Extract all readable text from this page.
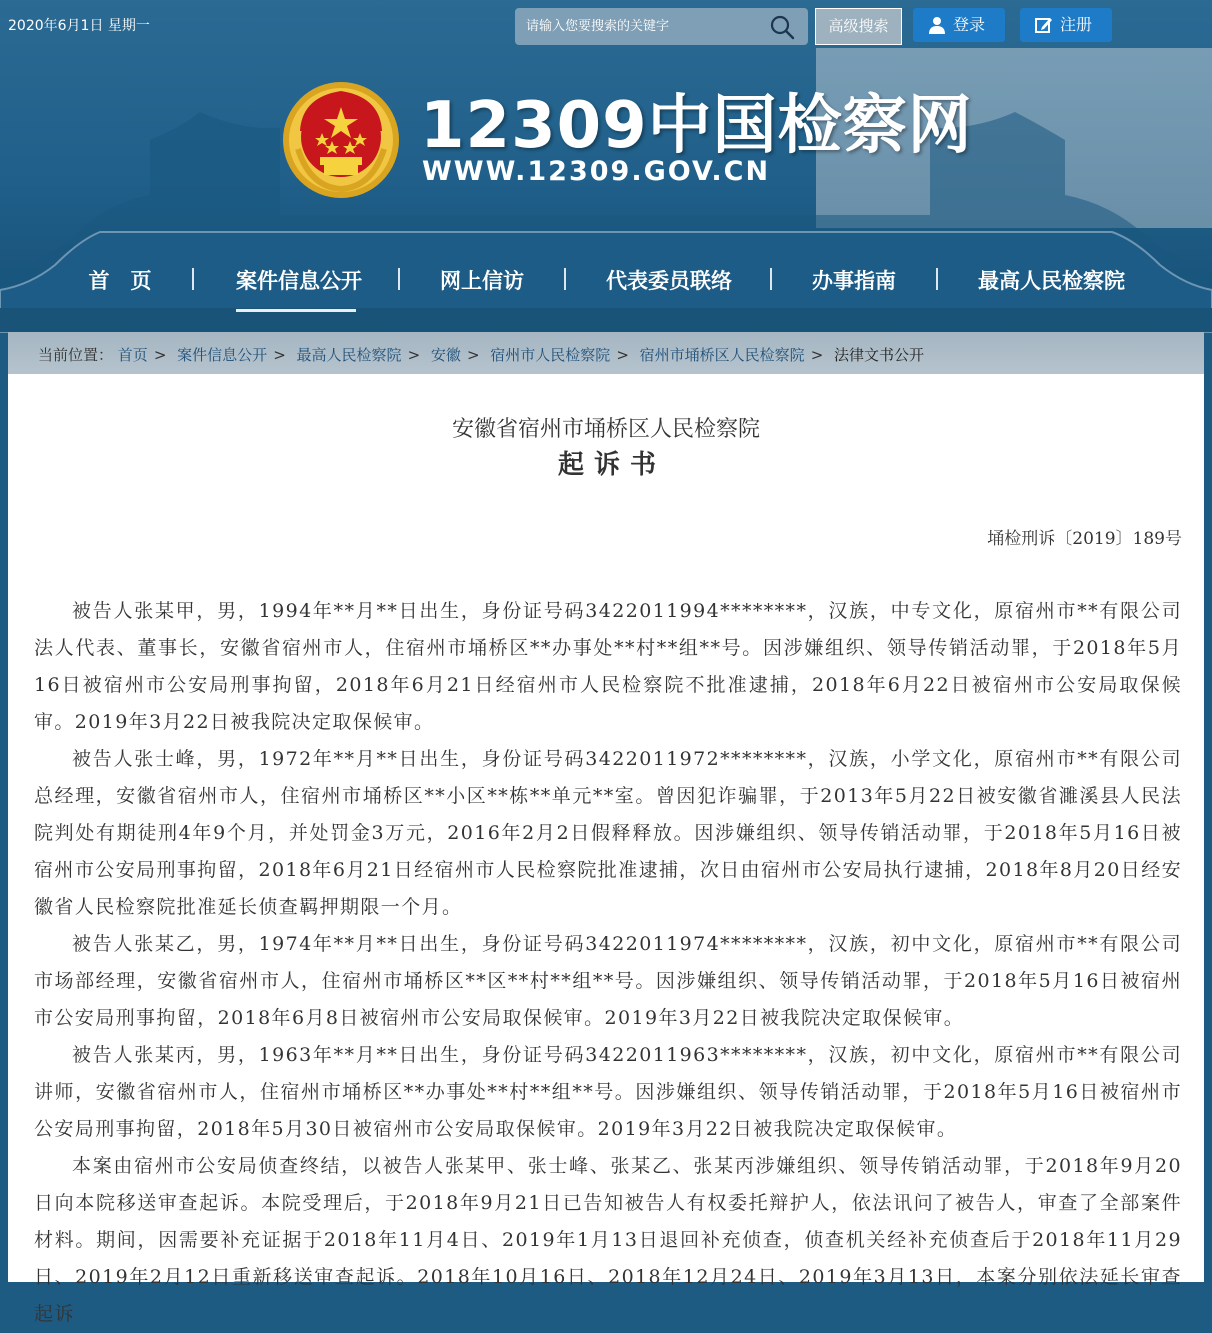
2020年6月1日 星期一
请输入您要搜索的关键字	高级搜索	登录	注册
12309中国检察网
WWW.12309.GOV.CN
首　页	案件信息公开	网上信访	代表委员联络	办事指南	最高人民检察院
当前位置： 首页 > 案件信息公开 > 最高人民检察院 > 安徽 > 宿州市人民检察院 > 宿州市埇桥区人民检察院 > 法律文书公开
安徽省宿州市埇桥区人民检察院
起诉书
埇检刑诉〔2019〕189号

被告人张某甲，男，1994年**月**日出生，身份证号码3422011994********，汉族，中专文化，原宿州市**有限公司法人代表、董事长，安徽省宿州市人，住宿州市埇桥区**办事处**村**组**号。因涉嫌组织、领导传销活动罪，于2018年5月16日被宿州市公安局刑事拘留，2018年6月21日经宿州市人民检察院不批准逮捕，2018年6月22日被宿州市公安局取保候审。2019年3月22日被我院决定取保候审。

被告人张士峰，男，1972年**月**日出生，身份证号码3422011972********，汉族，小学文化，原宿州市**有限公司总经理，安徽省宿州市人，住宿州市埇桥区**小区**栋**单元**室。曾因犯诈骗罪，于2013年5月22日被安徽省濉溪县人民法院判处有期徒刑4年9个月，并处罚金3万元，2016年2月2日假释释放。因涉嫌组织、领导传销活动罪，于2018年5月16日被宿州市公安局刑事拘留，2018年6月21日经宿州市人民检察院批准逮捕，次日由宿州市公安局执行逮捕，2018年8月20日经安徽省人民检察院批准延长侦查羁押期限一个月。

被告人张某乙，男，1974年**月**日出生，身份证号码3422011974********，汉族，初中文化，原宿州市**有限公司市场部经理，安徽省宿州市人，住宿州市埇桥区**区**村**组**号。因涉嫌组织、领导传销活动罪，于2018年5月16日被宿州市公安局刑事拘留，2018年6月8日被宿州市公安局取保候审。2019年3月22日被我院决定取保候审。

被告人张某丙，男，1963年**月**日出生，身份证号码3422011963********，汉族，初中文化，原宿州市**有限公司讲师，安徽省宿州市人，住宿州市埇桥区**办事处**村**组**号。因涉嫌组织、领导传销活动罪，于2018年5月16日被宿州市公安局刑事拘留，2018年5月30日被宿州市公安局取保候审。2019年3月22日被我院决定取保候审。

本案由宿州市公安局侦查终结，以被告人张某甲、张士峰、张某乙、张某丙涉嫌组织、领导传销活动罪，于2018年9月20日向本院移送审查起诉。本院受理后，于2018年9月21日已告知被告人有权委托辩护人，依法讯问了被告人，审查了全部案件材料。期间，因需要补充证据于2018年11月4日、2019年1月13日退回补充侦查，侦查机关经补充侦查后于2018年11月29日、2019年2月12日重新移送审查起诉。2018年10月16日、2018年12月24日、2019年3月13日，本案分别依法延长审查起诉
